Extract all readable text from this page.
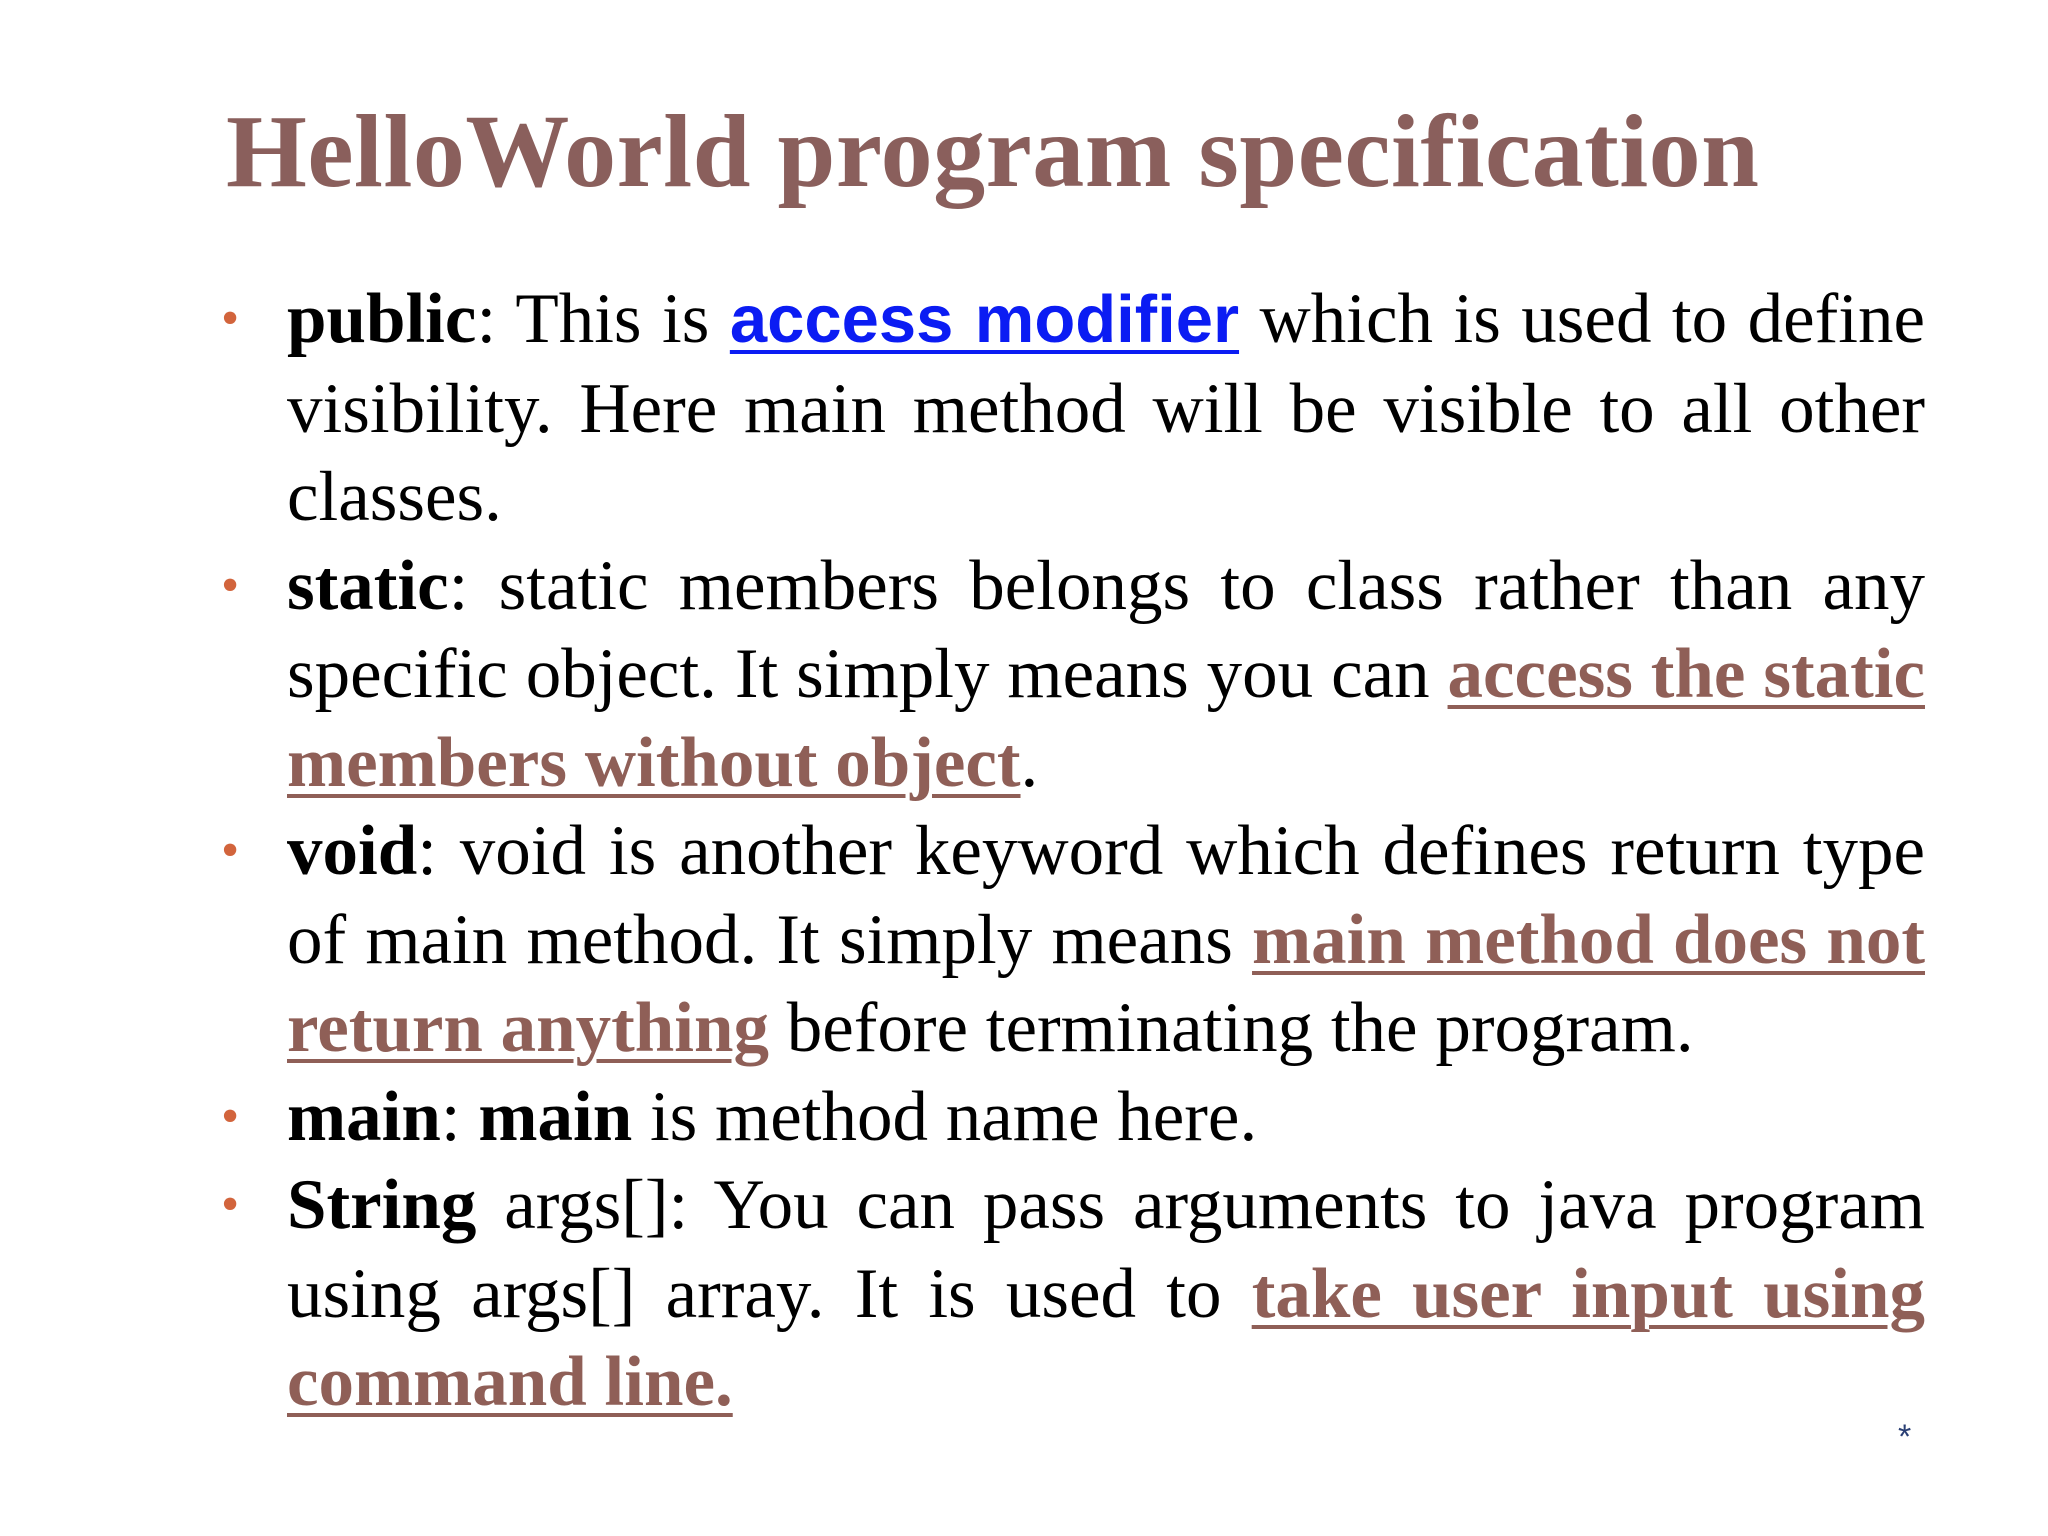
HelloWorld program specification
• public: This is access modifier which is used to define visibility. Here main method will be visible to all other classes.
• static: static members belongs to class rather than any specific object. It simply means you can access the static members without object.
• void: void is another keyword which defines return type of main method. It simply means main method does not return anything before terminating the program.
• main: main is method name here.
• String args[]: You can pass arguments to java program using args[] array. It is used to take user input using command line.
*
